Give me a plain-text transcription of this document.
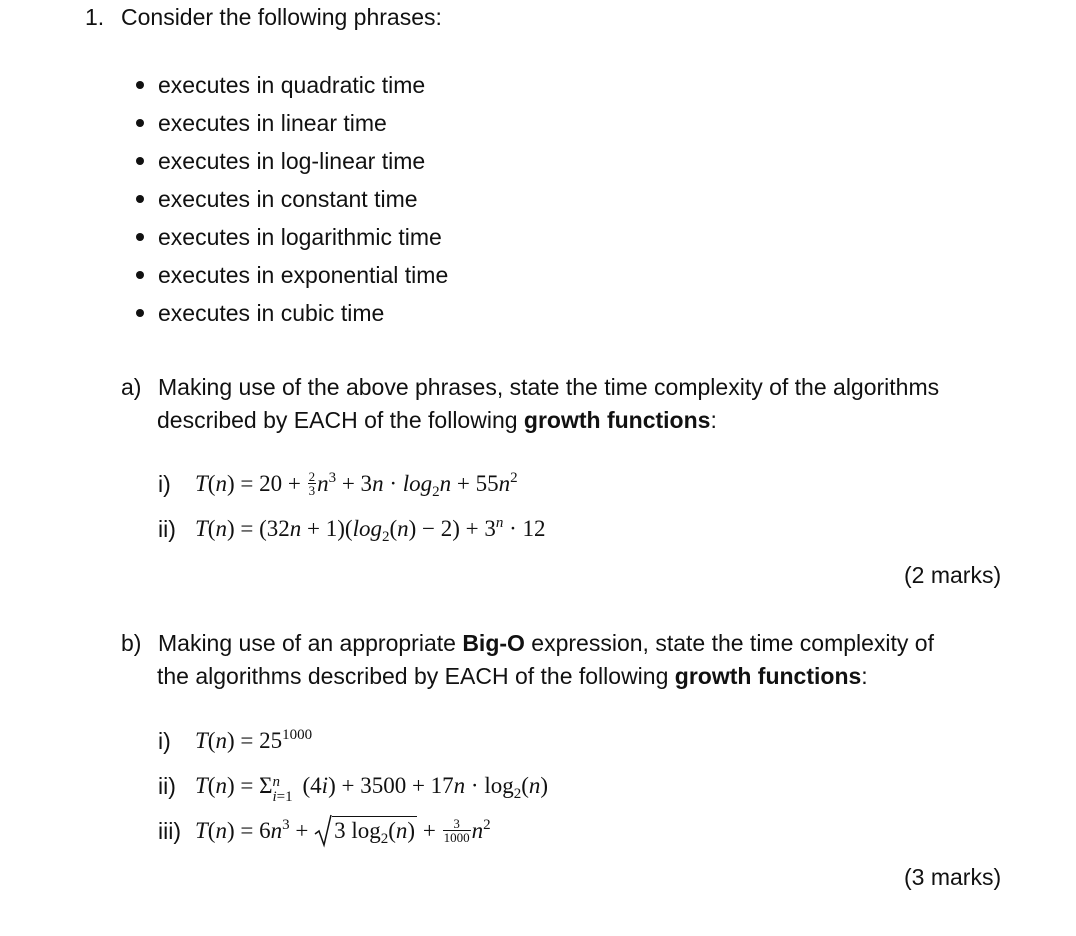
1. Consider the following phrases:
executes in quadratic time
executes in linear time
executes in log-linear time
executes in constant time
executes in logarithmic time
executes in exponential time
executes in cubic time
a) Making use of the above phrases, state the time complexity of the algorithms
described by EACH of the following growth functions:
i) $T(n) = 20 + \frac{2}{3} n^3 + 3n \cdot \log_2n + 55n^2$
ii) $T(n) = (32n + 1)(\log_2(n) - 2) + 3^n \cdot 12$
(2 marks)
b) Making use of an appropriate Big-O expression, state the time complexity of
the algorithms described by EACH of the following growth functions:
i) $T(n) = 25^{1000}$
ii) T(n) = Σ n
i=1 $(4i) + 3500 + 17n \cdot \log_2(n)$
iii) $T(n) = 6n^3$ +
3 $\log_2(n) + \frac{3}{1000} n^2$
(3 marks)
